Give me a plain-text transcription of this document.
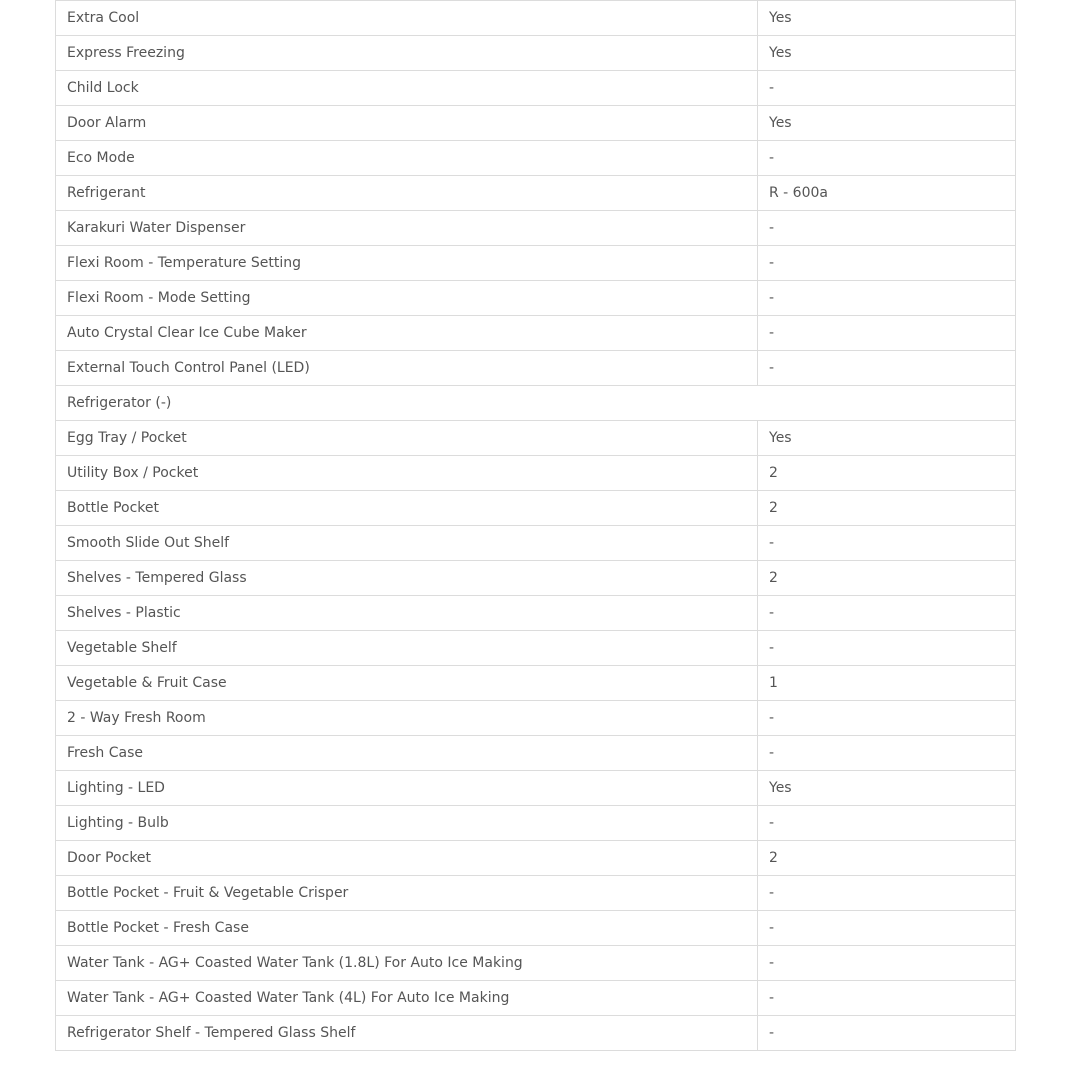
Extra Cool	Yes
Express Freezing	Yes
Child Lock	-
Door Alarm	Yes
Eco Mode	-
Refrigerant	R - 600a
Karakuri Water Dispenser	-
Flexi Room - Temperature Setting	-
Flexi Room - Mode Setting	-
Auto Crystal Clear Ice Cube Maker	-
External Touch Control Panel (LED)	-
Refrigerator (-)	
Egg Tray / Pocket	Yes
Utility Box / Pocket	2
Bottle Pocket	2
Smooth Slide Out Shelf	-
Shelves - Tempered Glass	2
Shelves - Plastic	-
Vegetable Shelf	-
Vegetable & Fruit Case	1
2 - Way Fresh Room	-
Fresh Case	-
Lighting - LED	Yes
Lighting - Bulb	-
Door Pocket	2
Bottle Pocket - Fruit & Vegetable Crisper	-
Bottle Pocket - Fresh Case	-
Water Tank - AG+ Coasted Water Tank (1.8L) For Auto Ice Making	-
Water Tank - AG+ Coasted Water Tank (4L) For Auto Ice Making	-
Refrigerator Shelf - Tempered Glass Shelf	-
